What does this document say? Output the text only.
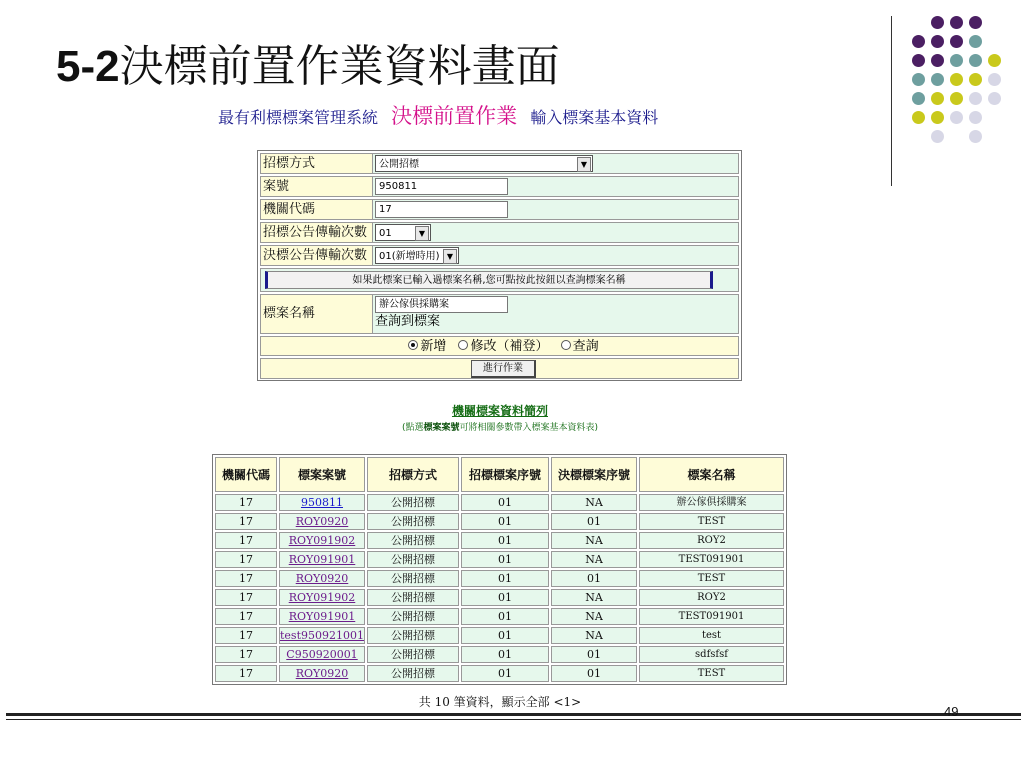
5-2決標前置作業資料畫面
最有利標標案管理系統 決標前置作業 輸入標案基本資料
招標方式	公開招標	▼
案號	950811
機關代碼	17
招標公告傳輸次數	01	▼
決標公告傳輸次數	01(新增時用) ▼
如果此標案已輸入過標案名稱,您可點按此按鈕以查詢標案名稱
標案名稱
辦公傢俱採購案
查詢到標案
新增 修改（補登） 查詢
進行作業
機關標案資料簡列
(點選標案案號可將相關參數帶入標案基本資料表)
機關代碼	標案案號	招標方式	招標標案序號	決標標案序號	標案名稱
17	950811	公開招標	01	NA	辦公傢俱採購案
17	ROY0920	公開招標	01	01	TEST
17	ROY091902	公開招標	01	NA	ROY2
17	ROY091901	公開招標	01	NA	TEST091901
17	ROY0920	公開招標	01	01	TEST
17	ROY091902	公開招標	01	NA	ROY2
17	ROY091901	公開招標	01	NA	TEST091901
17	test950921001	公開招標	01	NA	test
17	C950920001	公開招標	01	01	sdfsfsf
17	ROY0920	公開招標	01	01	TEST
共 10 筆資料，顯示全部 <1>
49
